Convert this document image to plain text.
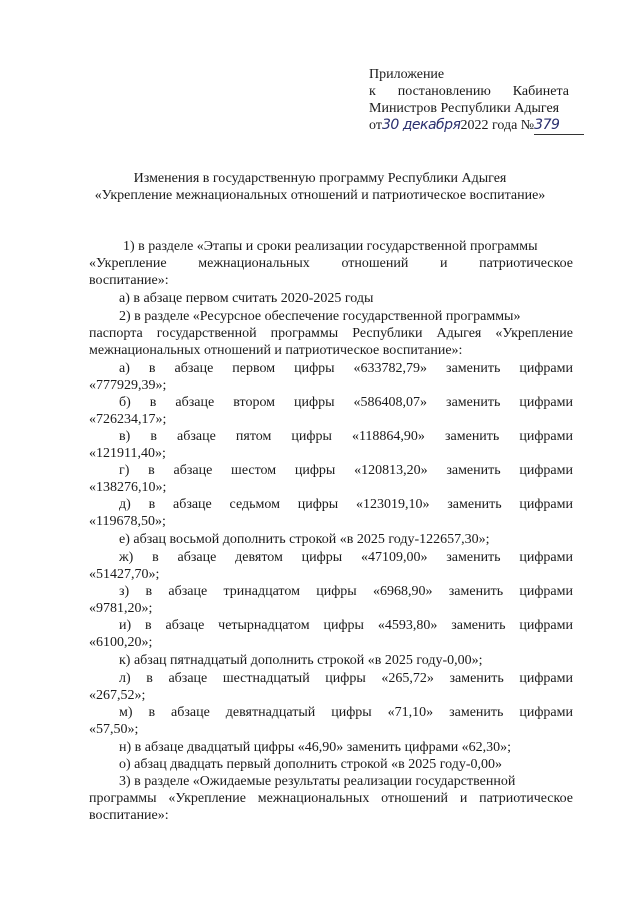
Приложение
к постановлению Кабинета
Министров Республики Адыгея
от30 декабря2022 года №379
Изменения в государственную программу Республики Адыгея
«Укрепление межнациональных отношений и патриотическое воспитание»
1) в разделе «Этапы и сроки реализации государственной программы
«Укрепление межнациональных отношений и патриотическое
воспитание»:
а) в абзаце первом считать 2020-2025 годы
2) в разделе «Ресурсное обеспечение государственной программы»
паспорта государственной программы Республики Адыгея «Укрепление
межнациональных отношений и патриотическое воспитание»:
а) в абзаце первом цифры «633782,79» заменить цифрами
«777929,39»;
б) в абзаце втором цифры «586408,07» заменить цифрами
«726234,17»;
в) в абзаце пятом цифры «118864,90» заменить цифрами
«121911,40»;
г) в абзаце шестом цифры «120813,20» заменить цифрами
«138276,10»;
д) в абзаце седьмом цифры «123019,10» заменить цифрами
«119678,50»;
е) абзац восьмой дополнить строкой «в 2025 году-122657,30»;
ж) в абзаце девятом цифры «47109,00» заменить цифрами
«51427,70»;
з) в абзаце тринадцатом цифры «6968,90» заменить цифрами
«9781,20»;
и) в абзаце четырнадцатом цифры «4593,80» заменить цифрами
«6100,20»;
к) абзац пятнадцатый дополнить строкой «в 2025 году-0,00»;
л) в абзаце шестнадцатый цифры «265,72» заменить цифрами
«267,52»;
м) в абзаце девятнадцатый цифры «71,10» заменить цифрами
«57,50»;
н) в абзаце двадцатый цифры «46,90» заменить цифрами «62,30»;
о) абзац двадцать первый дополнить строкой «в 2025 году-0,00»
3) в разделе «Ожидаемые результаты реализации государственной
программы «Укрепление межнациональных отношений и патриотическое
воспитание»:
